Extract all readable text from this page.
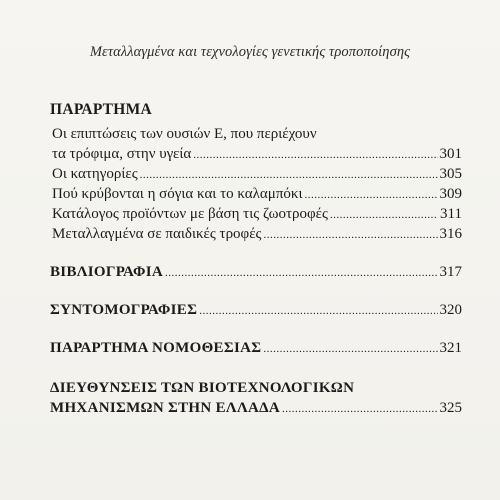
Μεταλλαγμένα και τεχνολογίες γενετικής τροποποίησης
ΠΑΡΑΡΤΗΜΑ
Οι επιπτώσεις των ουσιών Ε, που περιέχουν
τα τρόφιμα, στην υγεία .....	301
Οι κατηγορίες .....	305
Πού κρύβονται η σόγια και το καλαμπόκι .....	309
Κατάλογος προϊόντων με βάση τις ζωοτροφές .....	311
Μεταλλαγμένα σε παιδικές τροφές .....	316
ΒΙΒΛΙΟΓΡΑΦΙΑ .....	317
ΣΥΝΤΟΜΟΓΡΑΦΙΕΣ .....	320
ΠΑΡΑΡΤΗΜΑ ΝΟΜΟΘΕΣΙΑΣ .....	321
ΔΙΕΥΘΥΝΣΕΙΣ ΤΩΝ ΒΙΟΤΕΧΝΟΛΟΓΙΚΩΝ
ΜΗΧΑΝΙΣΜΩΝ ΣΤΗΝ ΕΛΛΑΔΑ .....	325
